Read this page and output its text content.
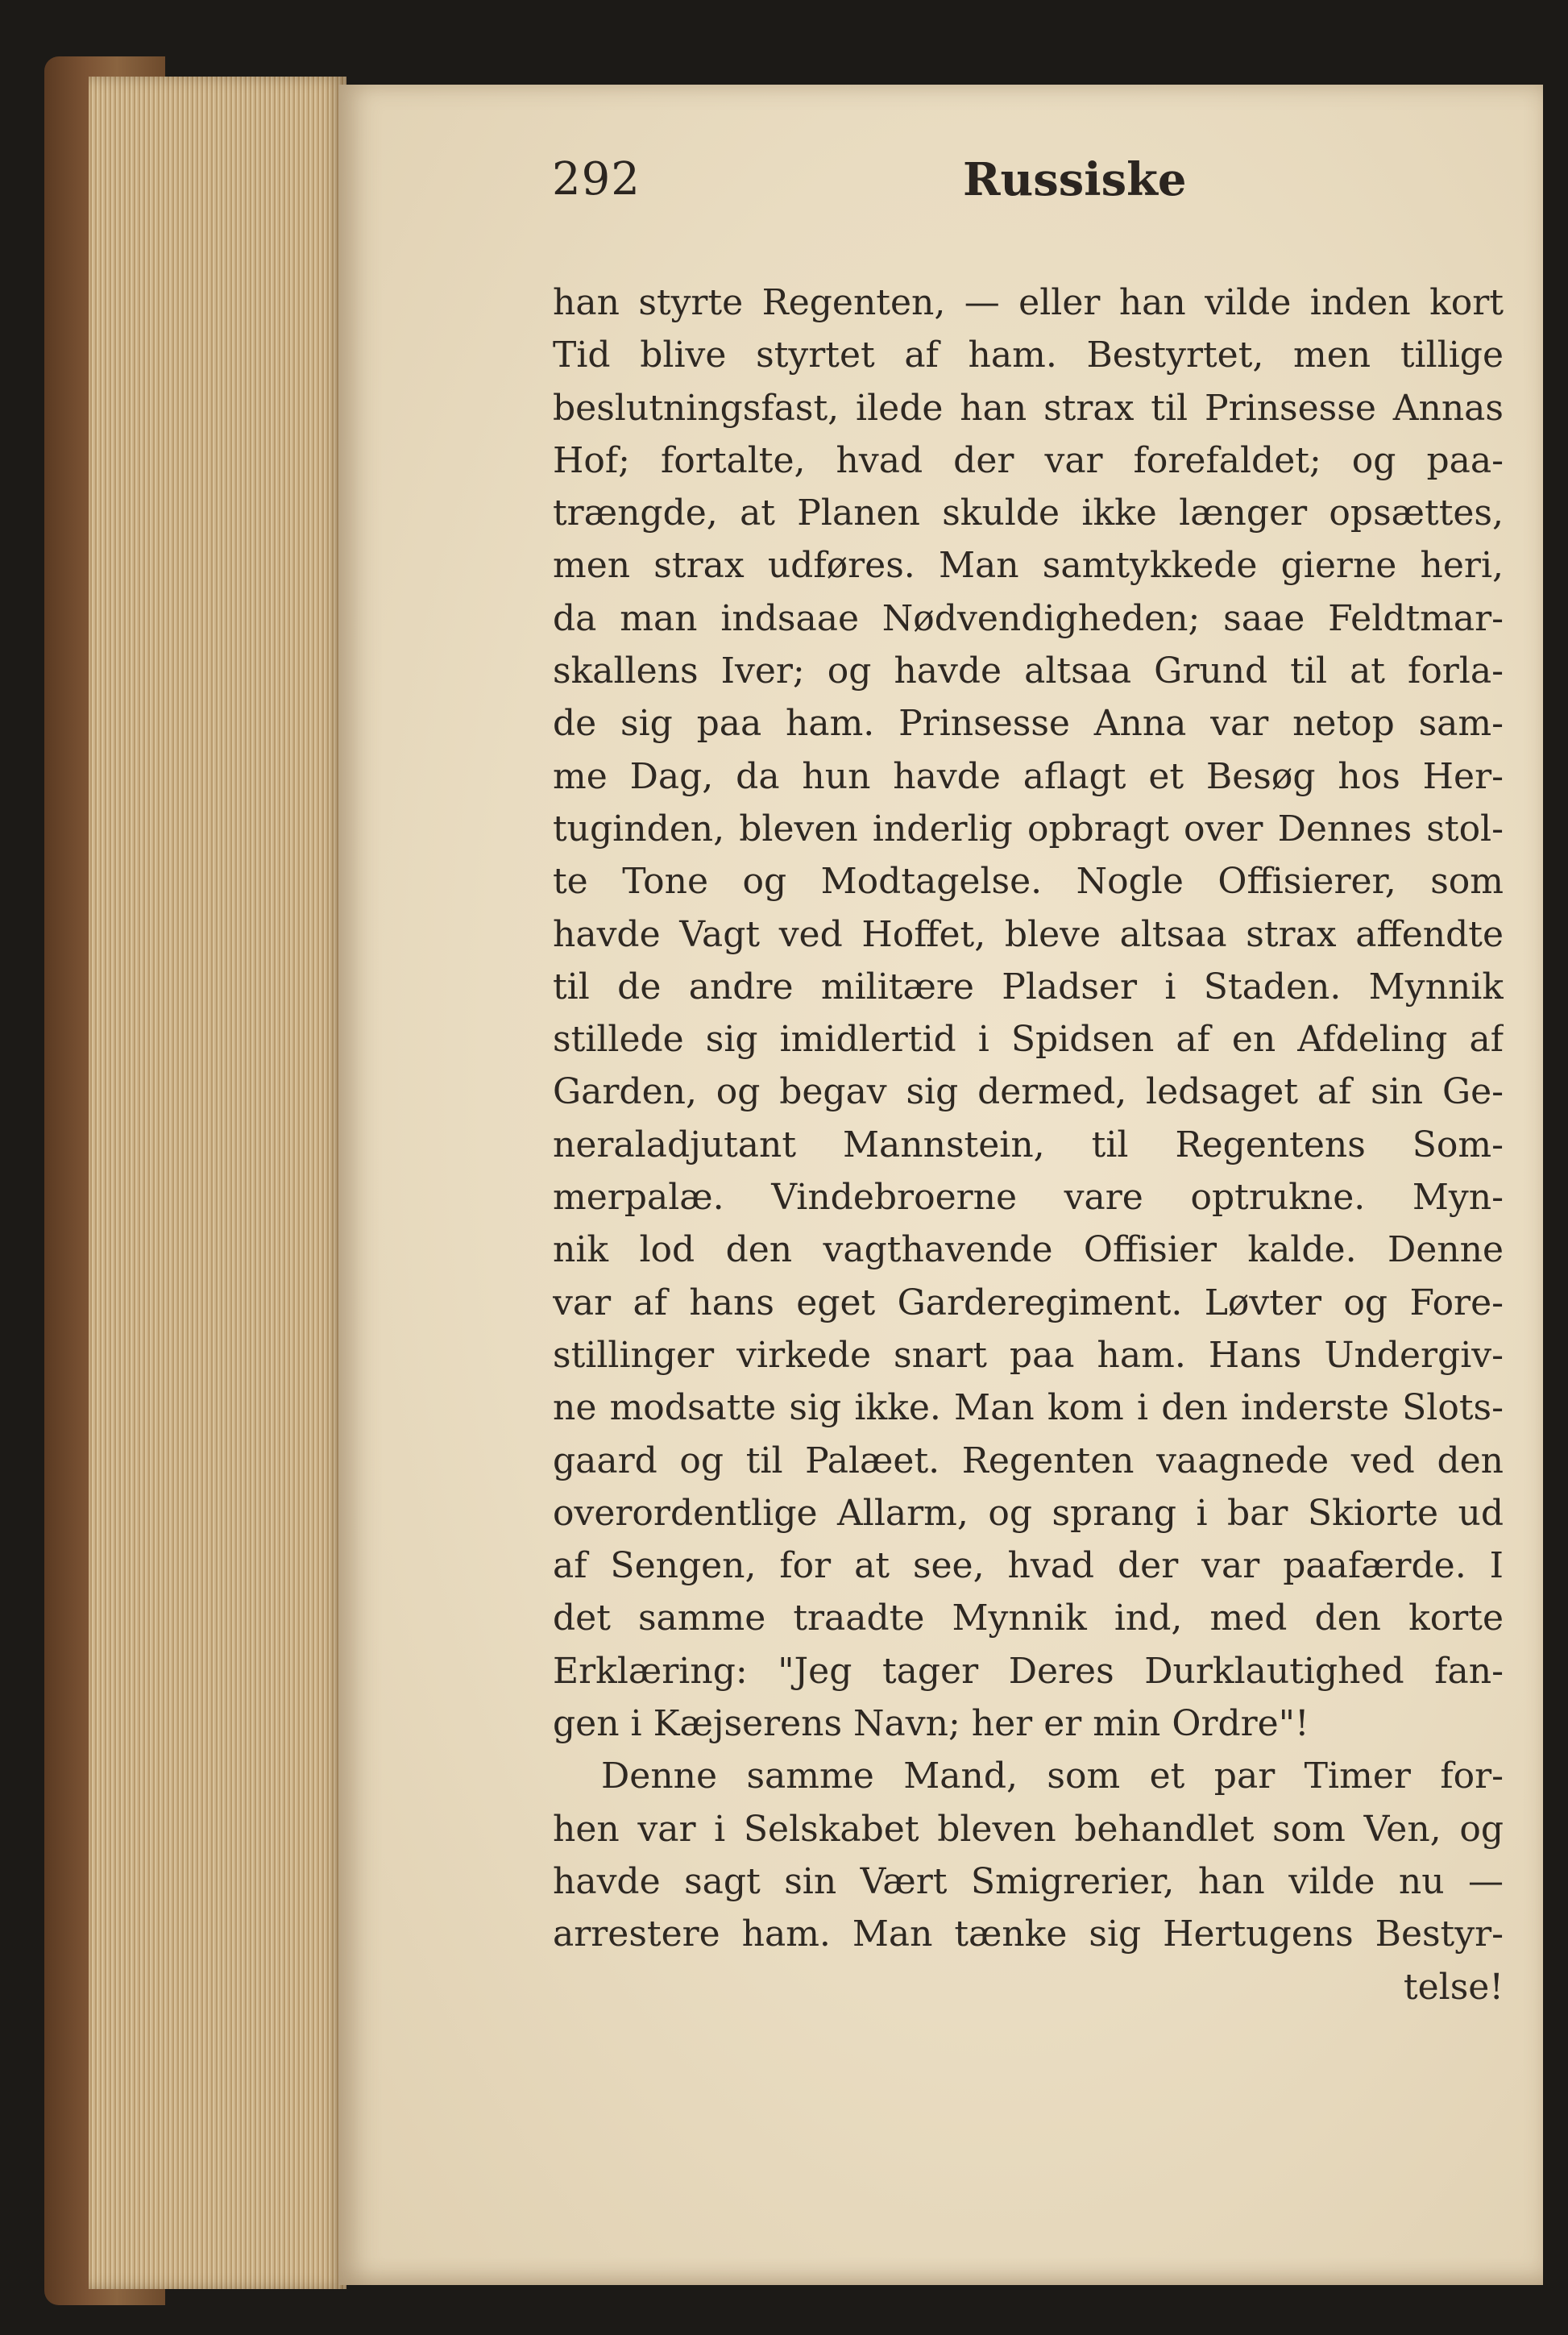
292	Russiske
han styrte Regenten, — eller han vilde inden kort
Tid blive styrtet af ham. Bestyrtet, men tillige
beslutningsfast, ilede han strax til Prinsesse Annas
Hof; fortalte, hvad der var forefaldet; og paa-
trængde, at Planen skulde ikke længer opsættes,
men strax udføres. Man samtykkede gierne heri,
da man indsaae Nødvendigheden; saae Feldtmar-
skallens Iver; og havde altsaa Grund til at forla-
de sig paa ham. Prinsesse Anna var netop sam-
me Dag, da hun havde aflagt et Besøg hos Her-
tuginden, bleven inderlig opbragt over Dennes stol-
te Tone og Modtagelse. Nogle Offisierer, som
havde Vagt ved Hoffet, bleve altsaa strax affendte
til de andre militære Pladser i Staden. Mynnik
stillede sig imidlertid i Spidsen af en Afdeling af
Garden, og begav sig dermed, ledsaget af sin Ge-
neraladjutant Mannstein, til Regentens Som-
merpalæ. Vindebroerne vare optrukne. Myn-
nik lod den vagthavende Offisier kalde. Denne
var af hans eget Garderegiment. Løvter og Fore-
stillinger virkede snart paa ham. Hans Undergiv-
ne modsatte sig ikke. Man kom i den inderste Slots-
gaard og til Palæet. Regenten vaagnede ved den
overordentlige Allarm, og sprang i bar Skiorte ud
af Sengen, for at see, hvad der var paafærde. I
det samme traadte Mynnik ind, med den korte
Erklæring: "Jeg tager Deres Durklautighed fan-
gen i Kæjserens Navn; her er min Ordre"!
Denne samme Mand, som et par Timer for-
hen var i Selskabet bleven behandlet som Ven, og
havde sagt sin Vært Smigrerier, han vilde nu —
arrestere ham. Man tænke sig Hertugens Bestyr-
telse!
